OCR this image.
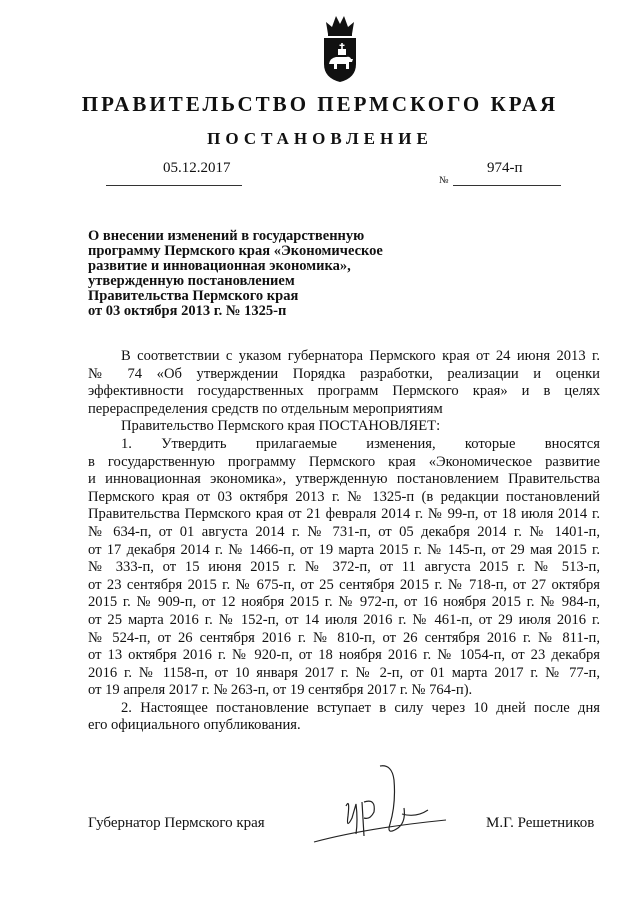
ПРАВИТЕЛЬСТВО ПЕРМСКОГО КРАЯ
ПОСТАНОВЛЕНИЕ
05.12.2017
№
974-п
О внесении изменений в государственную
программу Пермского края «Экономическое
развитие и инновационная экономика»,
утвержденную постановлением
Правительства Пермского края
от 03 октября 2013 г. № 1325-п

В соответствии с указом губернатора Пермского края от 24 июня 2013 г.
№ 74 «Об утверждении Порядка разработки, реализации и оценки
эффективности государственных программ Пермского края» и в целях
перераспределения средств по отдельным мероприятиям

Правительство Пермского края ПОСТАНОВЛЯЕТ:

1. Утвердить прилагаемые изменения, которые вносятся
в государственную программу Пермского края «Экономическое развитие
и инновационная экономика», утвержденную постановлением Правительства
Пермского края от 03 октября 2013 г. № 1325-п (в редакции постановлений
Правительства Пермского края от 21 февраля 2014 г. № 99-п, от 18 июля 2014 г.
№ 634-п, от 01 августа 2014 г. № 731-п, от 05 декабря 2014 г. № 1401-п,
от 17 декабря 2014 г. № 1466-п, от 19 марта 2015 г. № 145-п, от 29 мая 2015 г.
№ 333-п, от 15 июня 2015 г. № 372-п, от 11 августа 2015 г. № 513-п,
от 23 сентября 2015 г. № 675-п, от 25 сентября 2015 г. № 718-п, от 27 октября
2015 г. № 909-п, от 12 ноября 2015 г. № 972-п, от 16 ноября 2015 г. № 984-п,
от 25 марта 2016 г. № 152-п, от 14 июля 2016 г. № 461-п, от 29 июля 2016 г.
№ 524-п, от 26 сентября 2016 г. № 810-п, от 26 сентября 2016 г. № 811-п,
от 13 октября 2016 г. № 920-п, от 18 ноября 2016 г. № 1054-п, от 23 декабря
2016 г. № 1158-п, от 10 января 2017 г. № 2-п, от 01 марта 2017 г. № 77-п,
от 19 апреля 2017 г. № 263-п, от 19 сентября 2017 г. № 764-п).

2. Настоящее постановление вступает в силу через 10 дней после дня
его официального опубликования.

Губернатор Пермского края	М.Г. Решетников
